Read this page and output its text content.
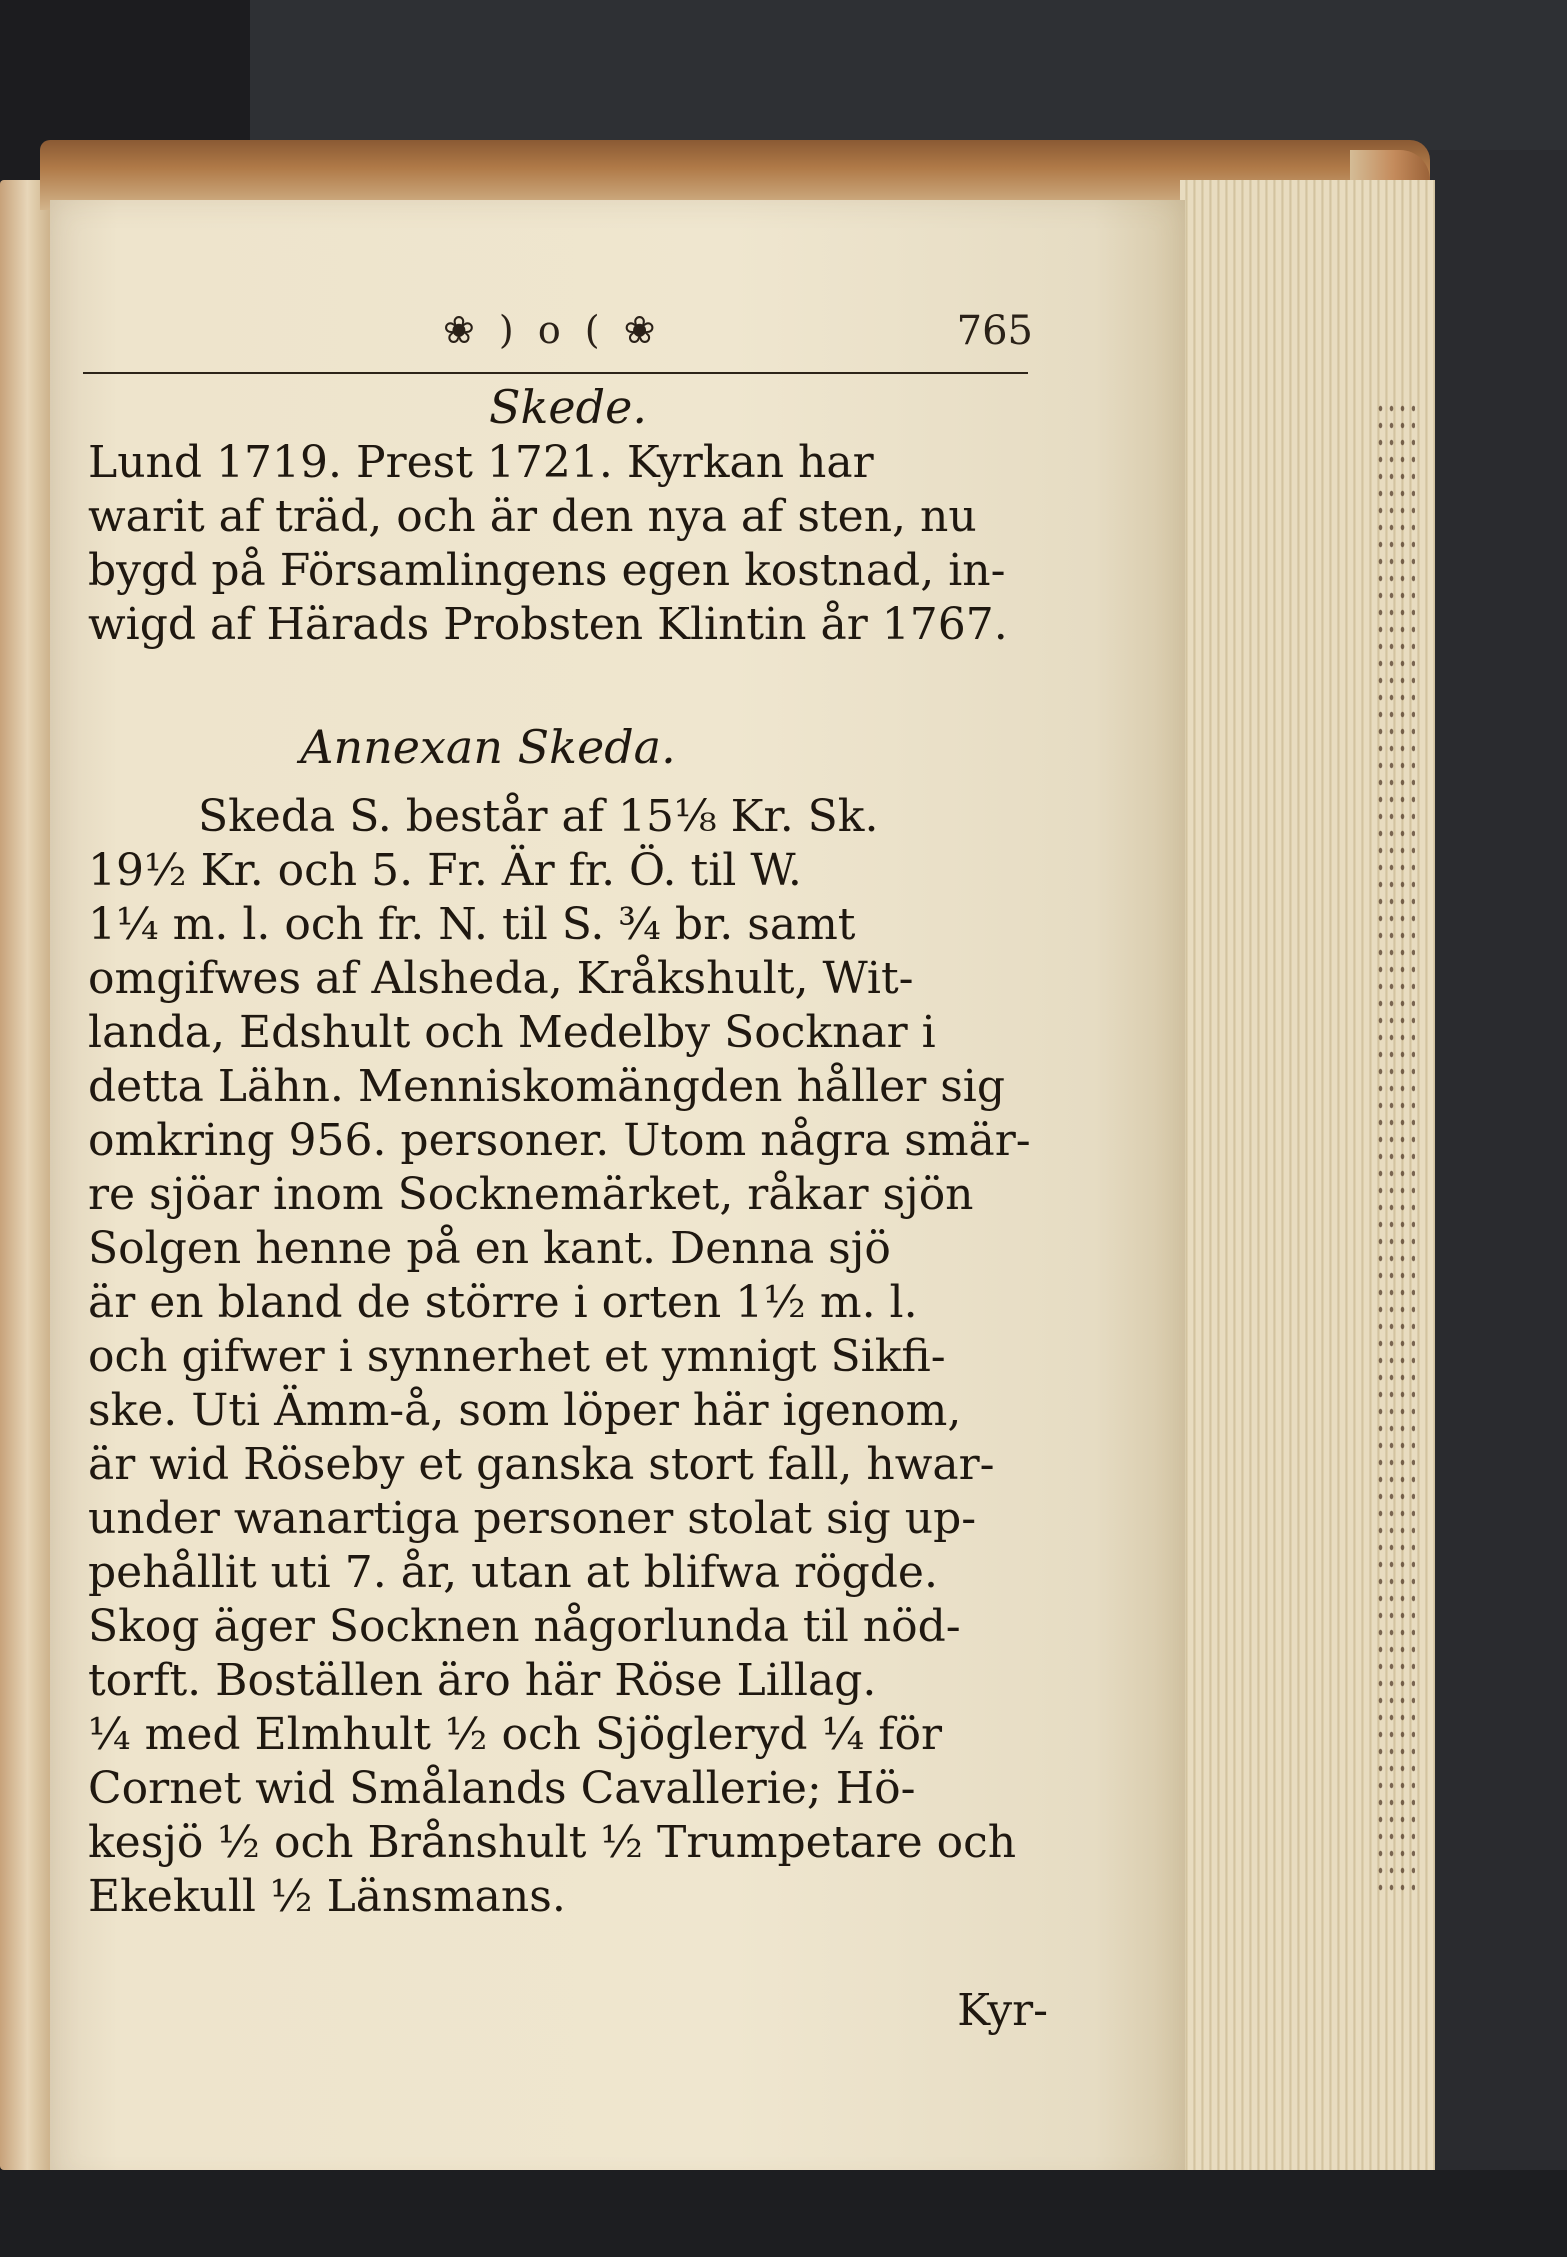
❀ ) o ( ❀	765
Skede.
Lund 1719. Prest 1721. Kyrkan har
warit af träd, och är den nya af sten, nu
bygd på Församlingens egen kostnad, in-
wigd af Härads Probsten Klintin år 1767.
Annexan Skeda.
Skeda S. består af 15⅛ Kr. Sk.
19½ Kr. och 5. Fr. Är fr. Ö. til W.
1¼ m. l. och fr. N. til S. ¾ br. samt
omgifwes af Alsheda, Kråkshult, Wit-
landa, Edshult och Medelby Socknar i
detta Lähn. Menniskomängden håller sig
omkring 956. personer. Utom några smär-
re sjöar inom Socknemärket, råkar sjön
Solgen henne på en kant. Denna sjö
är en bland de större i orten 1½ m. l.
och gifwer i synnerhet et ymnigt Sikfi-
ske. Uti Ämm-å, som löper här igenom,
är wid Röseby et ganska stort fall, hwar-
under wanartiga personer stolat sig up-
pehållit uti 7. år, utan at blifwa rögde.
Skog äger Socknen någorlunda til nöd-
torft. Boställen äro här Röse Lillag.
¼ med Elmhult ½ och Sjögleryd ¼ för
Cornet wid Smålands Cavallerie; Hö-
kesjö ½ och Brånshult ½ Trumpetare och
Ekekull ½ Länsmans.
Kyr-
